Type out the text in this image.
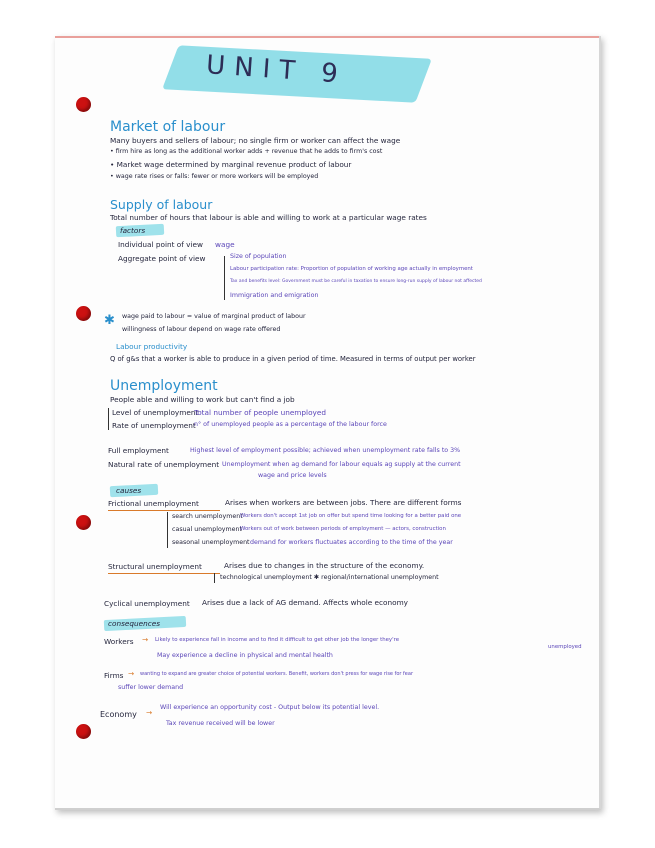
UNIT 9
Market of labour
Many buyers and sellers of labour; no single firm or worker can affect the wage
• firm hire as long as the additional worker adds + revenue that he adds to firm's cost
• Market wage determined by marginal revenue product of labour
• wage rate rises or falls: fewer or more workers will be employed
Supply of labour
Total number of hours that labour is able and willing to work at a particular wage rates
factors
Individual point of view wage
Aggregate point of view	Size of population
Labour participation rate: Proportion of population of working age actually in employment
Tax and benefits level: Government must be careful in taxation to ensure long-run supply of labour not affected
Immigration and emigration
✱ wage paid to labour = value of marginal product of labour
willingness of labour depend on wage rate offered
Labour productivity
Q of g&s that a worker is able to produce in a given period of time. Measured in terms of output per worker
Unemployment
People able and willing to work but can't find a job
Level of unemployment
Total number of people unemployed
Rate of unemployment
n° of unemployed people as a percentage of the labour force
Full employment	Highest level of employment possible; achieved when unemployment rate falls to 3%
Natural rate of unemployment Unemployment when ag demand for labour equals ag supply at the current
wage and price levels
causes
Frictional unemployment	Arises when workers are between jobs. There are different forms
search unemployment
Workers don't accept 1st job on offer but spend time looking for a better paid one
casual unemployment
Workers out of work between periods of employment — actors, construction
seasonal unemployment demand for workers fluctuates according to the time of the year
Structural unemployment	Arises due to changes in the structure of the economy.
technological unemployment ✱ regional/international unemployment
Cyclical unemployment Arises due a lack of AG demand. Affects whole economy
consequences
Workers → Likely to experience fall in income and to find it difficult to get other job the longer they're
unemployed
May experience a decline in physical and mental health
Firms → wanting to expand are greater choice of potential workers. Benefit, workers don't press for wage rise for fear
suffer lower demand
Economy →
Will experience an opportunity cost - Output below its potential level.
Tax revenue received will be lower
